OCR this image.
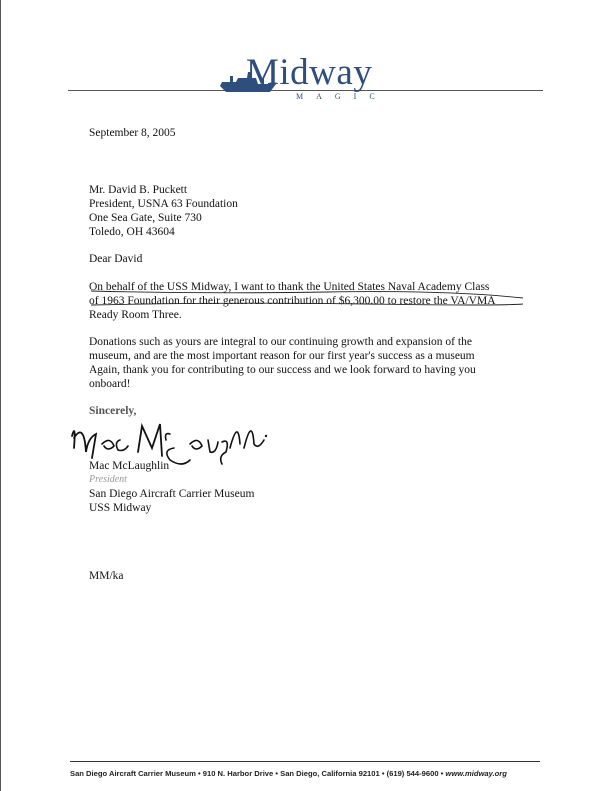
Midway
MAGIC
September 8, 2005
Mr. David B. Puckett
President, USNA 63 Foundation
One Sea Gate, Suite 730
Toledo, OH 43604
Dear David
On behalf of the USS Midway, I want to thank the United States Naval Academy Class
of 1963 Foundation for their generous contribution of $6,300.00 to restore the VA/VMA
Ready Room Three.
Donations such as yours are integral to our continuing growth and expansion of the
museum, and are the most important reason for our first year's success as a museum
Again, thank you for contributing to our success and we look forward to having you
onboard!
Sincerely,
Mac McLaughlin
President
San Diego Aircraft Carrier Museum
USS Midway
MM/ka
San Diego Aircraft Carrier Museum • 910 N. Harbor Drive • San Diego, California 92101 • (619) 544-9600 • www.midway.org
